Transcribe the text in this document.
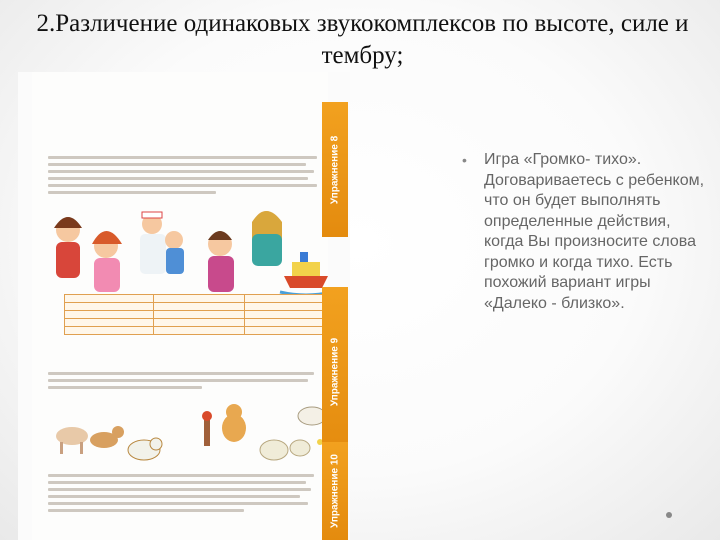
2.Различение одинаковых звукокомплексов по высоте, силе и тембру;

Упражнение 8
Упражнение 9
Упражнение 10
• Игра «Громко- тихо». Договариваетесь с ребенком, что он будет выполнять определенные действия, когда Вы произносите слова громко и когда тихо. Есть похожий вариант игры «Далеко - близко».
